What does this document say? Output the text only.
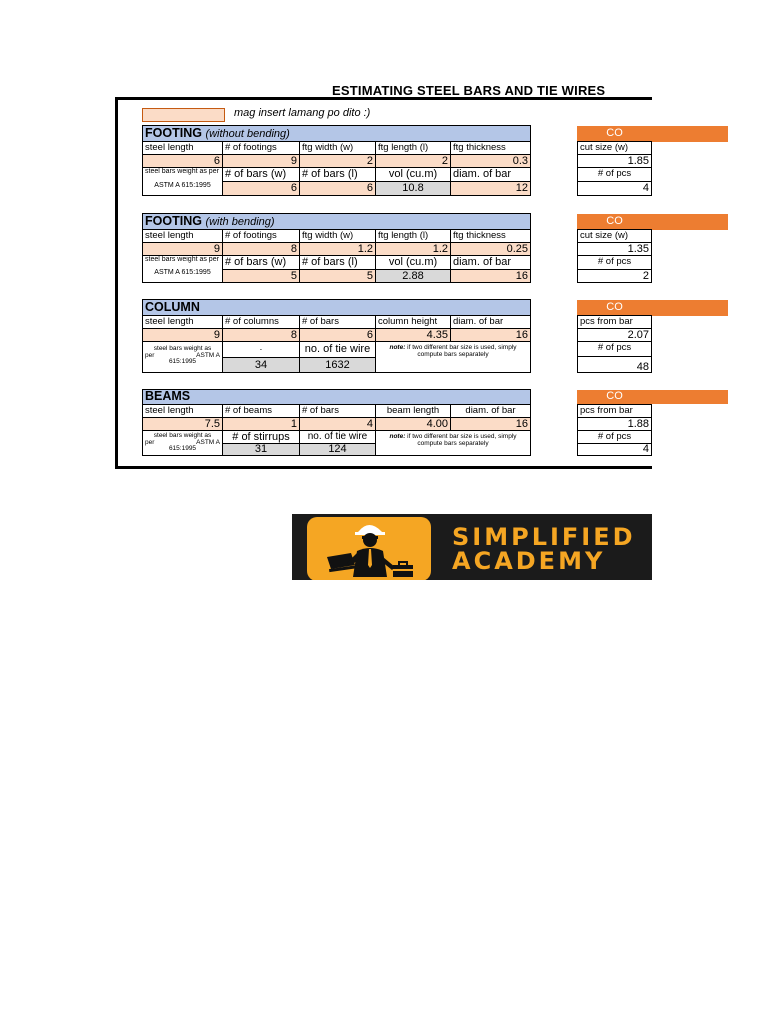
ESTIMATING STEEL BARS AND TIE WIRES
mag insert lamang po dito :)
FOOTING (without bending)
steel length	# of footings	ftg width (w)	ftg length (l)	ftg thickness
6	9	2	2	0.3
steel bars weight as per
ASTM A 615:1995
# of bars (w)	# of bars (l)	vol (cu.m)	diam. of bar
6	6	10.8	12
CO
cut size (w)
1.85
# of pcs
4
FOOTING (with bending)
steel length	# of footings	ftg width (w)	ftg length (l)	ftg thickness
9	8	1.2	1.2	0.25
steel bars weight as per
ASTM A 615:1995
# of bars (w)	# of bars (l)	vol (cu.m)	diam. of bar
5	5	2.88	16
CO
cut size (w)
1.35
# of pcs
2
COLUMN
steel length	# of columns	# of bars	column height	diam. of bar
9	8	6	4.35	16
steel bars weight as
per	ASTM A
615:1995
.	no. of tie wire	note: if two different bar size is used, simply compute bars separately
34	1632
CO
pcs from bar
2.07
# of pcs
48
BEAMS
steel length	# of beams	# of bars	beam length	diam. of bar
7.5	1	4	4.00	16
steel bars weight as
per	ASTM A
615:1995
# of stirrups	no. of tie wire	note: if two different bar size is used, simply compute bars separately
31	124
CO
pcs from bar
1.88
# of pcs
4
SIMPLIFIED
ACADEMY
